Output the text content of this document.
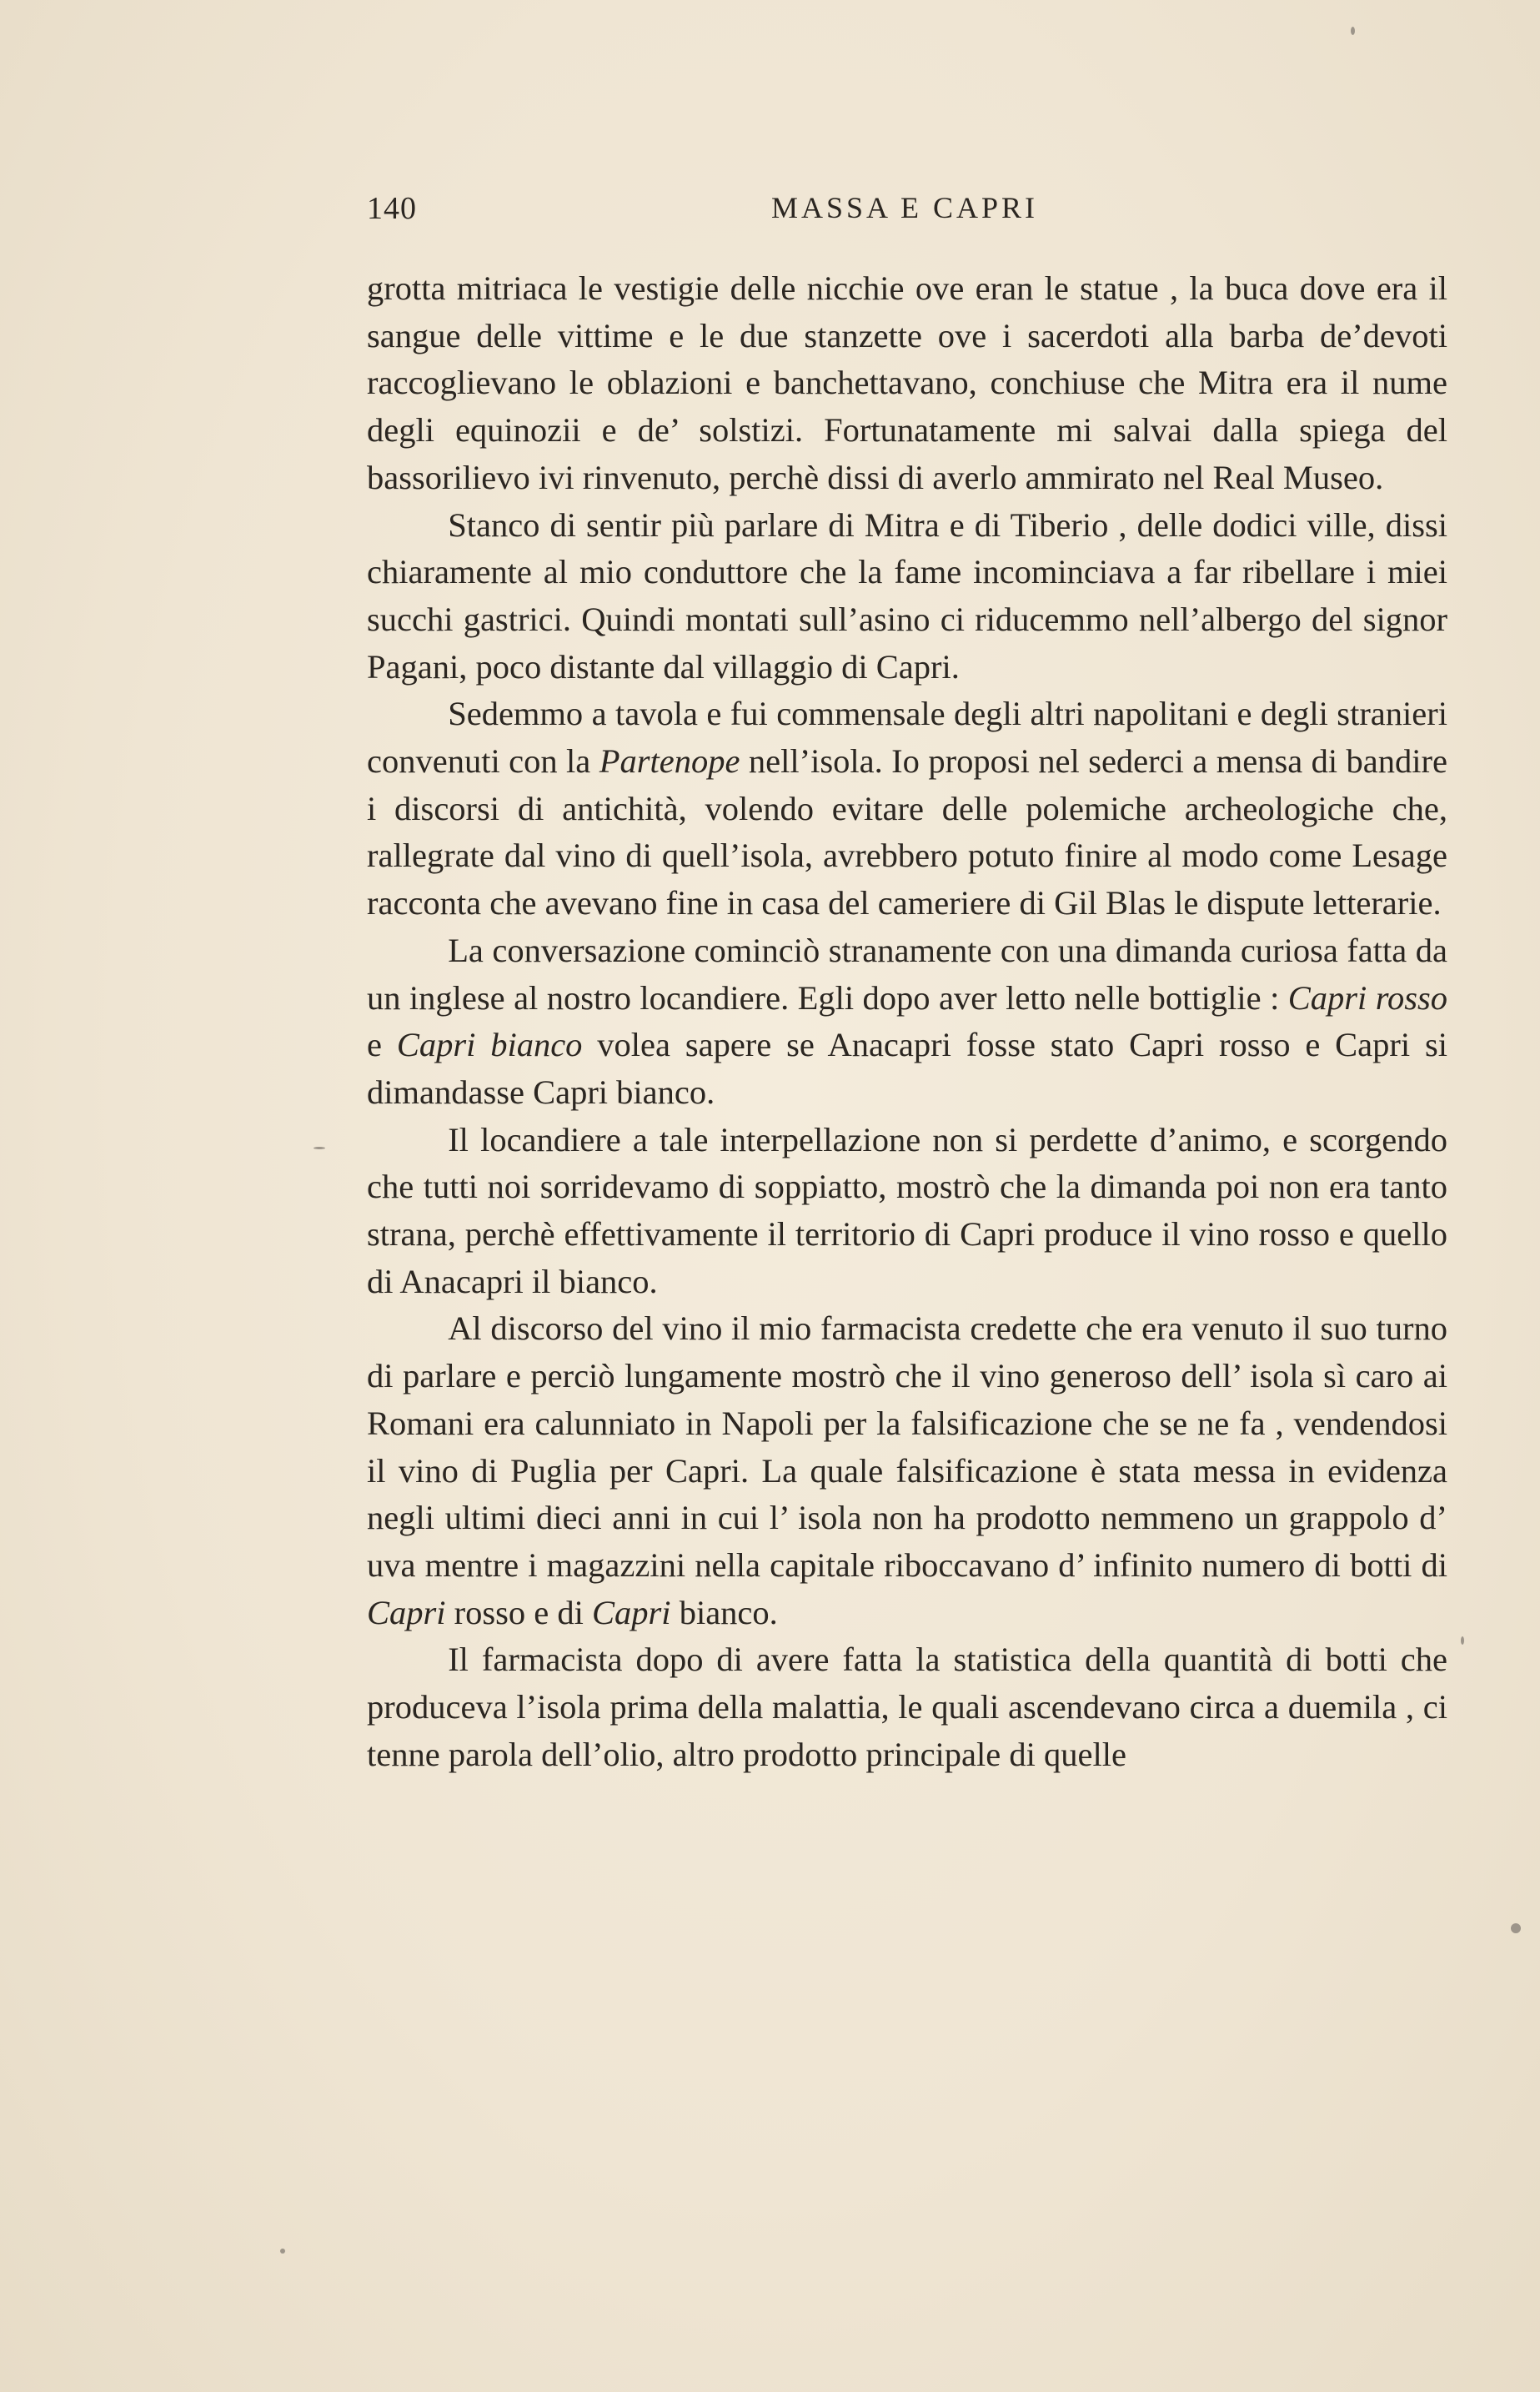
140	MASSA E CAPRI

grotta mitriaca le vestigie delle nicchie ove eran le statue , la buca dove era il sangue delle vittime e le due stanzette ove i sacerdoti alla barba de’devoti raccoglievano le oblazioni e banchettavano, conchiuse che Mitra era il nume degli equinozii e de’ solstizi. Fortunatamente mi salvai dalla spiega del bassorilievo ivi rinvenuto, perchè dissi di averlo ammirato nel Real Museo.

Stanco di sentir più parlare di Mitra e di Tiberio , delle dodici ville, dissi chiaramente al mio conduttore che la fame incominciava a far ribellare i miei succhi gastrici. Quindi montati sull’asino ci riducemmo nell’albergo del signor Pagani, poco distante dal villaggio di Capri.

Sedemmo a tavola e fui commensale degli altri napolitani e degli stranieri convenuti con la Partenope nell’isola. Io proposi nel sederci a mensa di bandire i discorsi di antichità, volendo evitare delle polemiche archeologiche che, rallegrate dal vino di quell’isola, avrebbero potuto finire al modo come Lesage racconta che avevano fine in casa del cameriere di Gil Blas le dispute letterarie.

La conversazione cominciò stranamente con una dimanda curiosa fatta da un inglese al nostro locandiere. Egli dopo aver letto nelle bottiglie : Capri rosso e Capri bianco volea sapere se Anacapri fosse stato Capri rosso e Capri si dimandasse Capri bianco.

Il locandiere a tale interpellazione non si perdette d’animo, e scorgendo che tutti noi sorridevamo di soppiatto, mostrò che la dimanda poi non era tanto strana, perchè effettivamente il territorio di Capri produce il vino rosso e quello di Anacapri il bianco.

Al discorso del vino il mio farmacista credette che era venuto il suo turno di parlare e perciò lungamente mostrò che il vino generoso dell’ isola sì caro ai Romani era calunniato in Napoli per la falsificazione che se ne fa , vendendosi il vino di Puglia per Capri. La quale falsificazione è stata messa in evidenza negli ultimi dieci anni in cui l’ isola non ha prodotto nemmeno un grappolo d’ uva mentre i magazzini nella capitale riboccavano d’ infinito numero di botti di Capri rosso e di Capri bianco.

Il farmacista dopo di avere fatta la statistica della quantità di botti che produceva l’isola prima della malattia, le quali ascendevano circa a duemila , ci tenne parola dell’olio, altro prodotto principale di quelle
